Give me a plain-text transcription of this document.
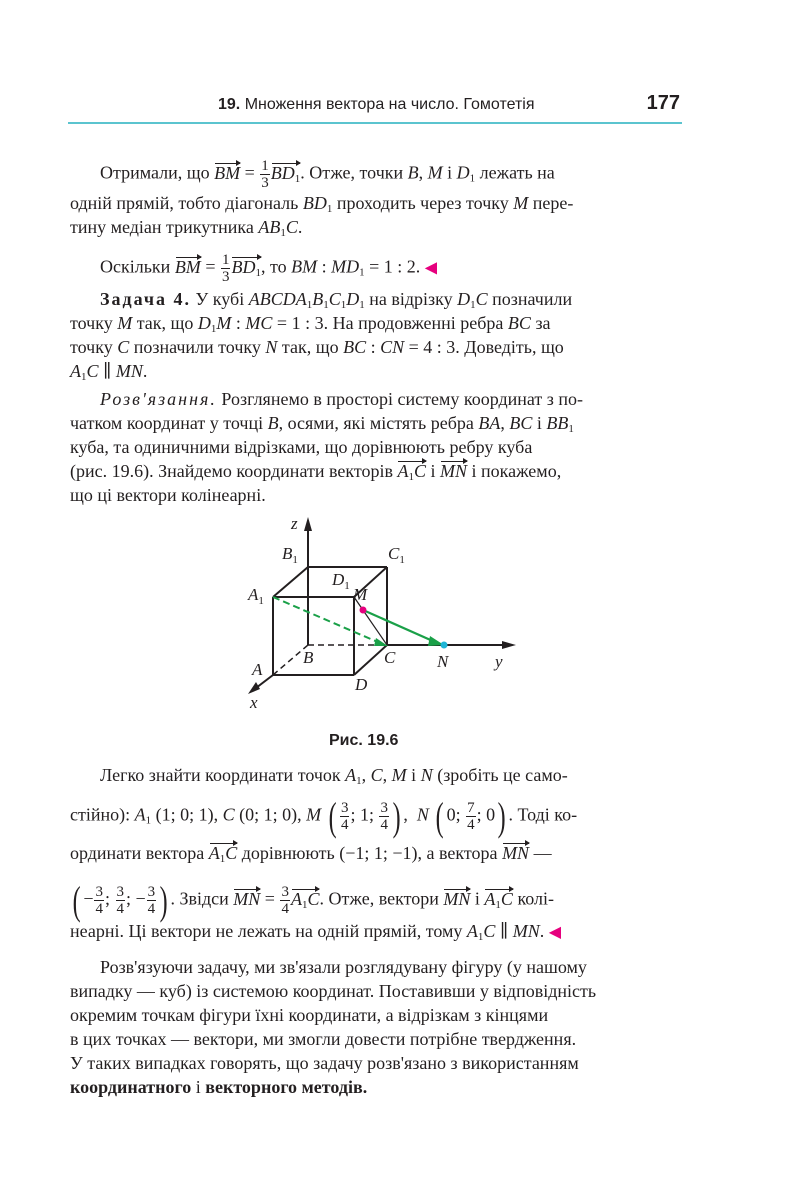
19. Множення вектора на число. Гомотетія	177
Отримали, що BM = $\frac{1}{3} BD_1$. Отже, точки B, M і $D_1$ лежать на
одній прямій, тобто діагональ $BD_1$ проходить через точку M пере-
тину медіан трикутника $AB_1C$.
Оскільки BM = $\frac{1}{3} BD_1$, то BM : $MD_1 = 1$ : 2. ◀
Задача 4. У кубі $ABCDA_1B_1C_1D_1$ на відрізку $D_1C$ позначили
точку M так, що $D_1M$ : MC = 1 : 3. На продовженні ребра BC за
точку C позначили точку N так, що BC : CN = 4 : 3. Доведіть, що
$A_1C$ ∥ MN.
Розв'язання. Розглянемо в просторі систему координат з по-
чатком координат у точці B, осями, які містять ребра BA, BC і $BB_1$
куба, та одиничними відрізками, що дорівнюють ребру куба
(рис. 19.6). Знайдемо координати векторів $A_1C$ і MN і покажемо,
що ці вектори колінеарні.
z
$B_1$	$C_1$
$D_1$
$A_1$	M
B	C N	y
A
D
x
Рис. 19.6
Легко знайти координати точок $A_1$, C, M і N (зробіть це само-
стійно): $A_1$ (1; 0; 1), C (0; 1; 0), M ( $\frac{3}{4}$ ; 1; $\frac{3}{4}$ ) ,  N ( 0; $\frac{7}{4}$ ; 0) . Тоді ко-
ординати вектора $A_1C$ дорівнюють (−1; 1; −1), а вектора MN —
( − $\frac{3}{4}$ ; $\frac{3}{4}$ ; − $\frac{3}{4}$ ) . Звідси MN = $\frac{3}{4} A_1C$. Отже, вектори MN і $A_1C$ колі-
неарні. Ці вектори не лежать на одній прямій, тому $A_1C$ ∥ MN. ◀
Розв'язуючи задачу, ми зв'язали розглядувану фігуру (у нашому
випадку — куб) із системою координат. Поставивши у відповідність
окремим точкам фігури їхні координати, а відрізкам з кінцями
в цих точках — вектори, ми змогли довести потрібне твердження.
У таких випадках говорять, що задачу розв'язано з використанням
координатного і векторного методів.
